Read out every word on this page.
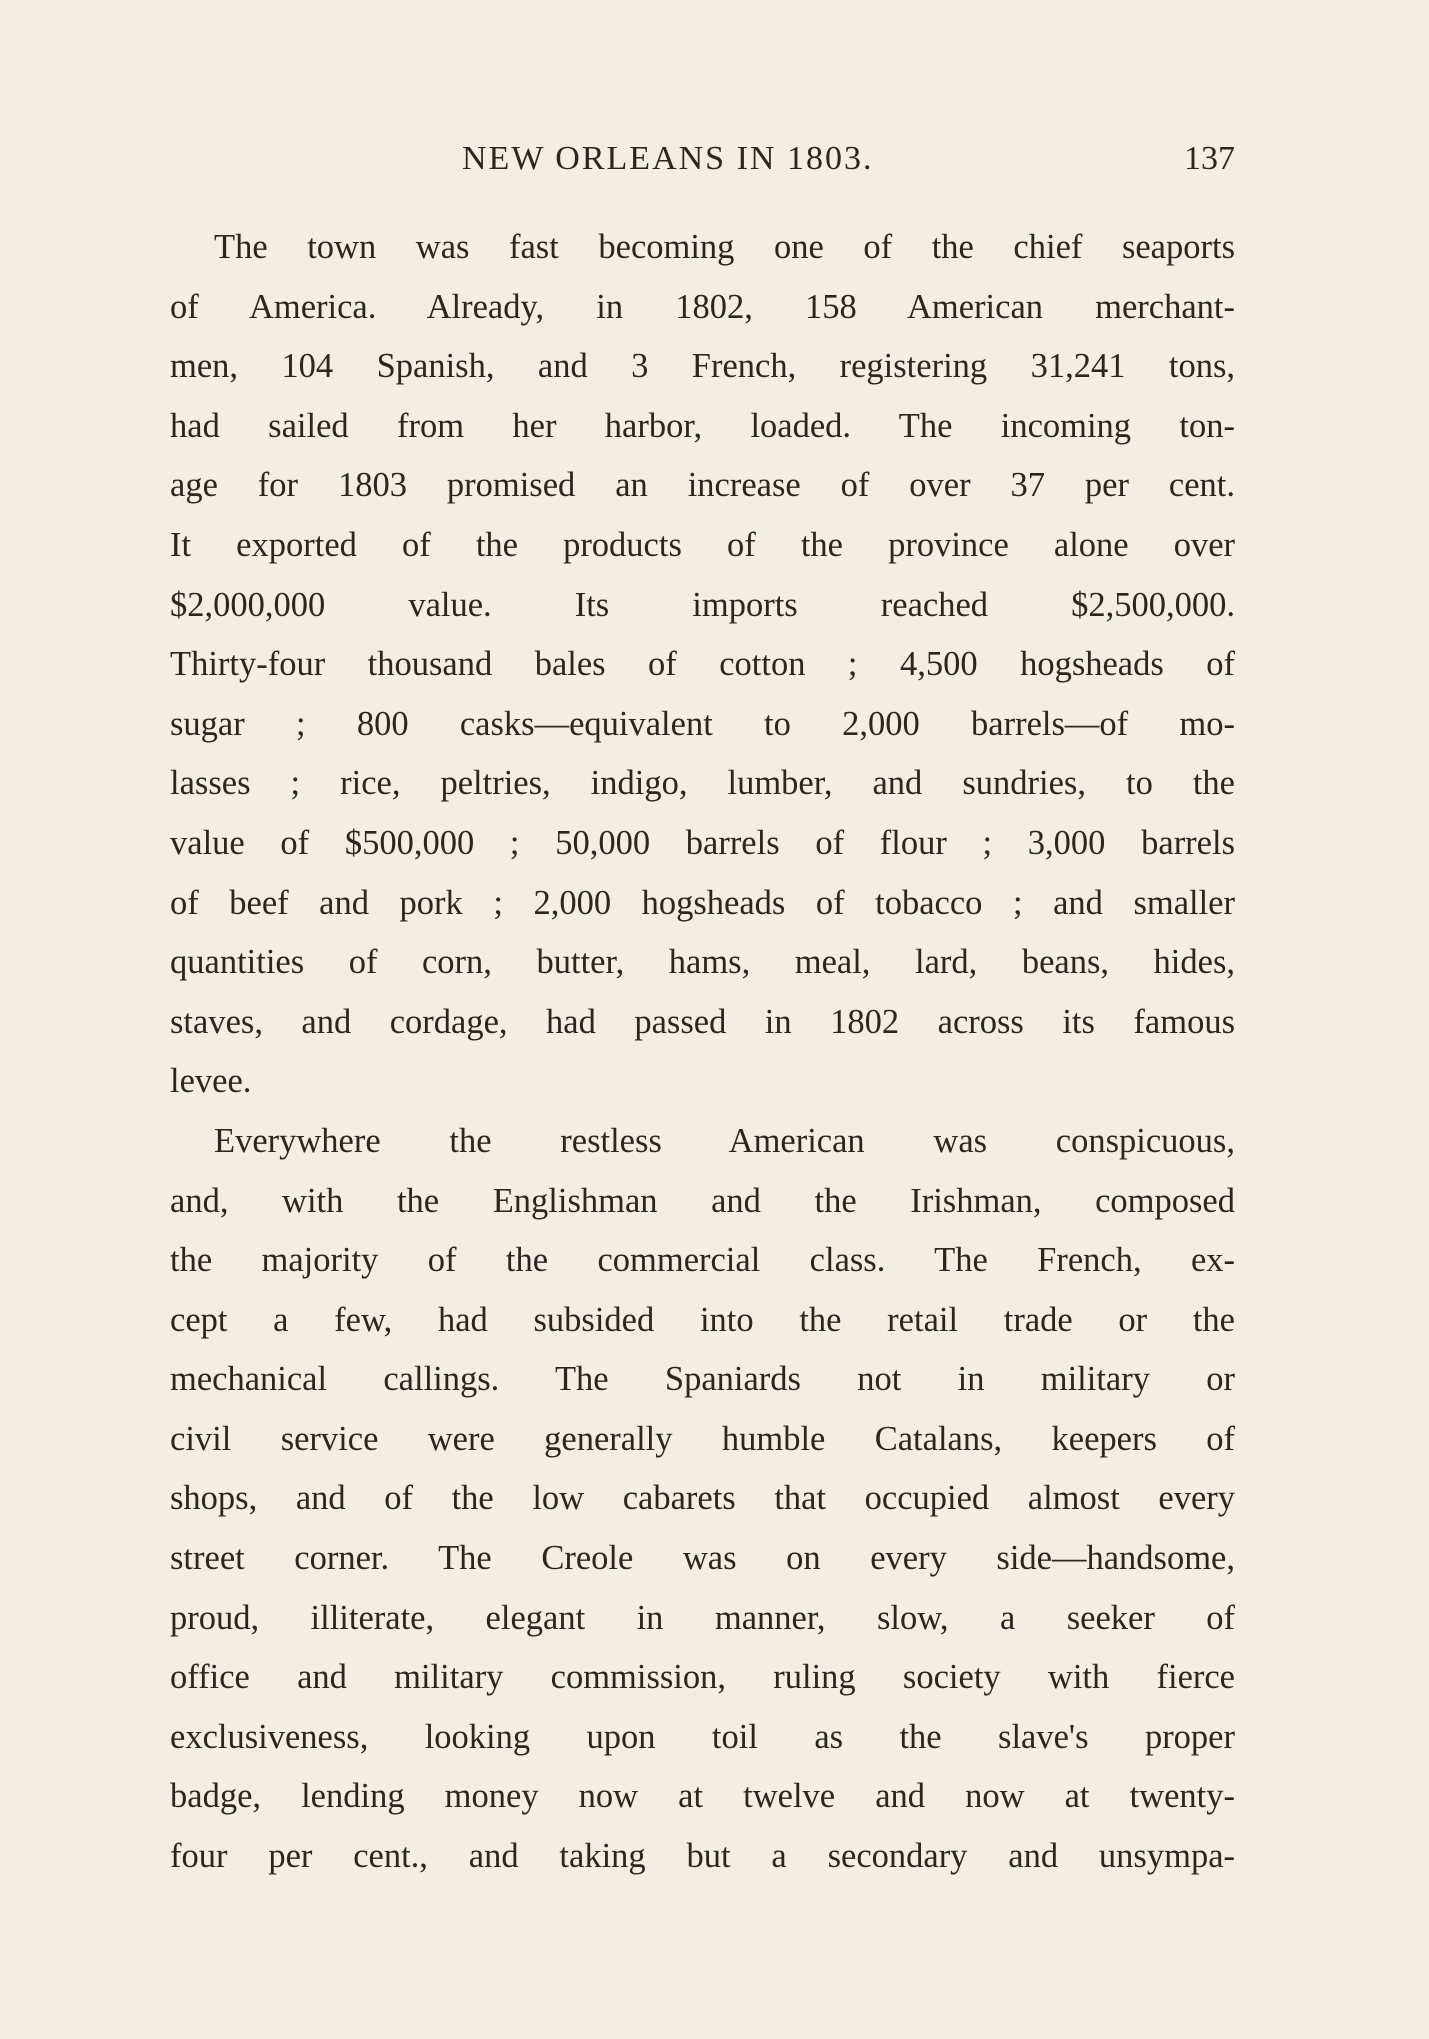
NEW ORLEANS IN 1803.	137
The town was fast becoming one of the chief seaports
of America. Already, in 1802, 158 American merchant-
men, 104 Spanish, and 3 French, registering 31,241 tons,
had sailed from her harbor, loaded. The incoming ton-
age for 1803 promised an increase of over 37 per cent.
It exported of the products of the province alone over
$2,000,000 value. Its imports reached $2,500,000.
Thirty-four thousand bales of cotton ; 4,500 hogsheads of
sugar ; 800 casks—equivalent to 2,000 barrels—of mo-
lasses ; rice, peltries, indigo, lumber, and sundries, to the
value of $500,000 ; 50,000 barrels of flour ; 3,000 barrels
of beef and pork ; 2,000 hogsheads of tobacco ; and smaller
quantities of corn, butter, hams, meal, lard, beans, hides,
staves, and cordage, had passed in 1802 across its famous
levee.
Everywhere the restless American was conspicuous,
and, with the Englishman and the Irishman, composed
the majority of the commercial class. The French, ex-
cept a few, had subsided into the retail trade or the
mechanical callings. The Spaniards not in military or
civil service were generally humble Catalans, keepers of
shops, and of the low cabarets that occupied almost every
street corner. The Creole was on every side—handsome,
proud, illiterate, elegant in manner, slow, a seeker of
office and military commission, ruling society with fierce
exclusiveness, looking upon toil as the slave's proper
badge, lending money now at twelve and now at twenty-
four per cent., and taking but a secondary and unsympa-
